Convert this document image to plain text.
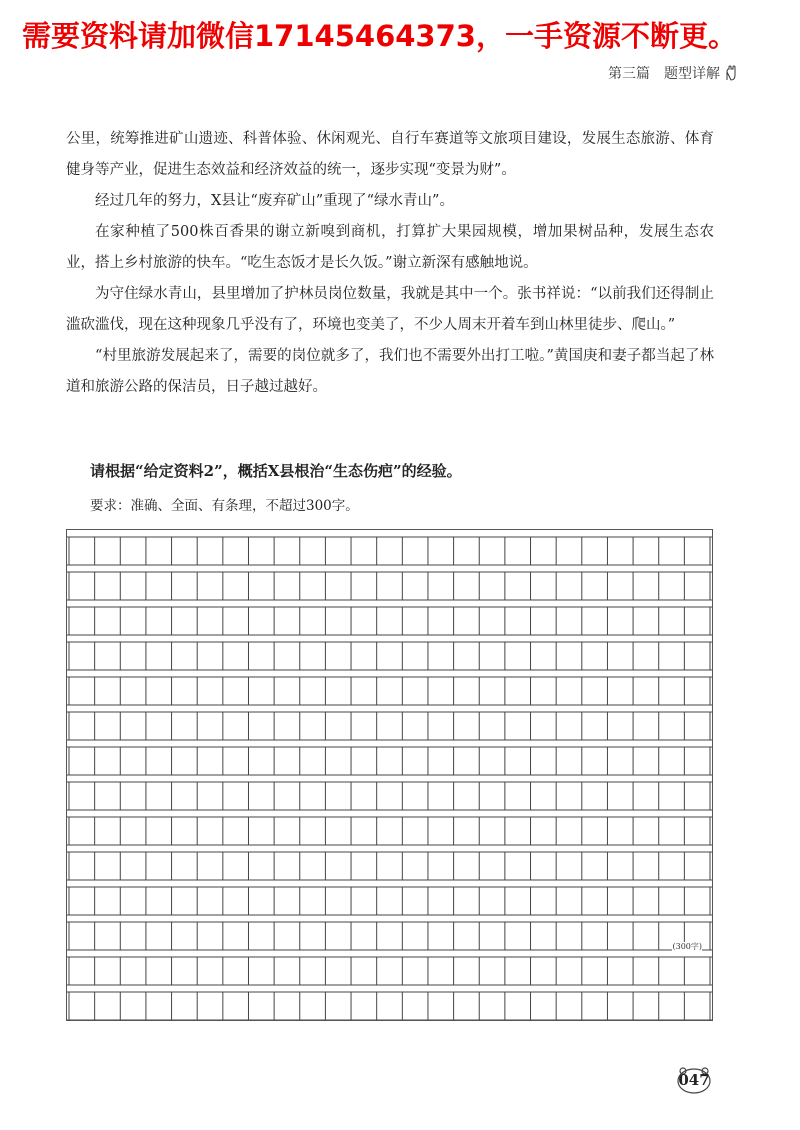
需要资料请加微信17145464373，一手资源不断更。
第三篇 题型详解

公里，统筹推进矿山遗迹、科普体验、休闲观光、自行车赛道等文旅项目建设，发展生态旅游、体育健身等产业，促进生态效益和经济效益的统一，逐步实现“变景为财”。

经过几年的努力，X县让“废弃矿山”重现了“绿水青山”。

在家种植了500株百香果的谢立新嗅到商机，打算扩大果园规模，增加果树品种，发展生态农业，搭上乡村旅游的快车。“吃生态饭才是长久饭。”谢立新深有感触地说。

为守住绿水青山，县里增加了护林员岗位数量，我就是其中一个。张书祥说：“以前我们还得制止滥砍滥伐，现在这种现象几乎没有了，环境也变美了，不少人周末开着车到山林里徒步、爬山。”

“村里旅游发展起来了，需要的岗位就多了，我们也不需要外出打工啦。”黄国庚和妻子都当起了林道和旅游公路的保洁员，日子越过越好。

请根据“给定资料2”，概括X县根治“生态伤疤”的经验。
要求：准确、全面、有条理，不超过300字。
(300字)
047
